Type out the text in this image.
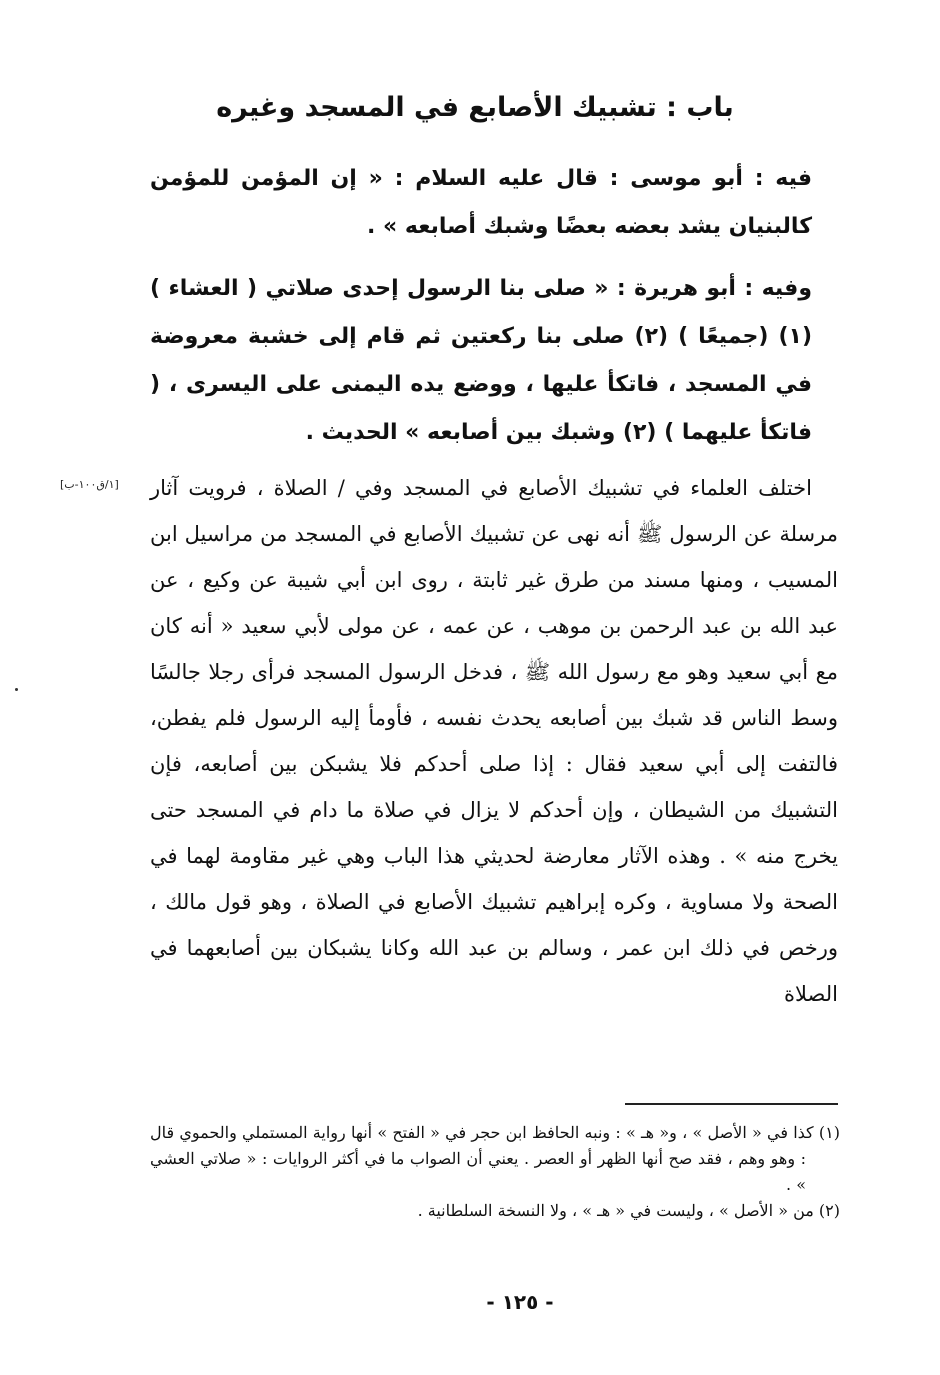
باب : تشبيك الأصابع في المسجد وغيره
فيه : أبو موسى : قال عليه السلام : « إن المؤمن للمؤمن كالبنيان يشد بعضه بعضًا وشبك أصابعه » .
وفيه : أبو هريرة : « صلى بنا الرسول إحدى صلاتي ( العشاء ) (١) (جميعًا ) (٢) صلى بنا ركعتين ثم قام إلى خشبة معروضة في المسجد ، فاتكأ عليها ، ووضع يده اليمنى على اليسرى ، ( فاتكأ عليهما ) (٢) وشبك بين أصابعه » الحديث .
[١/ق١٠٠-ب] اختلف العلماء في تشبيك الأصابع في المسجد وفي / الصلاة ، فرويت آثار مرسلة عن الرسول ﷺ أنه نهى عن تشبيك الأصابع في المسجد من مراسيل ابن المسيب ، ومنها مسند من طرق غير ثابتة ، روى ابن أبي شيبة عن وكيع ، عن عبد الله بن عبد الرحمن بن موهب ، عن عمه ، عن مولى لأبي سعيد « أنه كان مع أبي سعيد وهو مع رسول الله ﷺ ، فدخل الرسول المسجد فرأى رجلا جالسًا وسط الناس قد شبك بين أصابعه يحدث نفسه ، فأومأ إليه الرسول فلم يفطن، فالتفت إلى أبي سعيد فقال : إذا صلى أحدكم فلا يشبكن بين أصابعه، فإن التشبيك من الشيطان ، وإن أحدكم لا يزال في صلاة ما دام في المسجد حتى يخرج منه » . وهذه الآثار معارضة لحديثي هذا الباب وهي غير مقاومة لهما في الصحة ولا مساوية ، وكره إبراهيم تشبيك الأصابع في الصلاة ، وهو قول مالك ، ورخص في ذلك ابن عمر ، وسالم بن عبد الله وكانا يشبكان بين أصابعهما في الصلاة

(١) كذا في « الأصل » ، و« هـ » : ونبه الحافظ ابن حجر في « الفتح » أنها رواية المستملي والحموي قال : وهو وهم ، فقد صح أنها الظهر أو العصر . يعني أن الصواب ما في أكثر الروايات : « صلاتي العشي » .

(٢) من « الأصل » ، وليست في « هـ » ، ولا النسخة السلطانية .

- ١٢٥ -
